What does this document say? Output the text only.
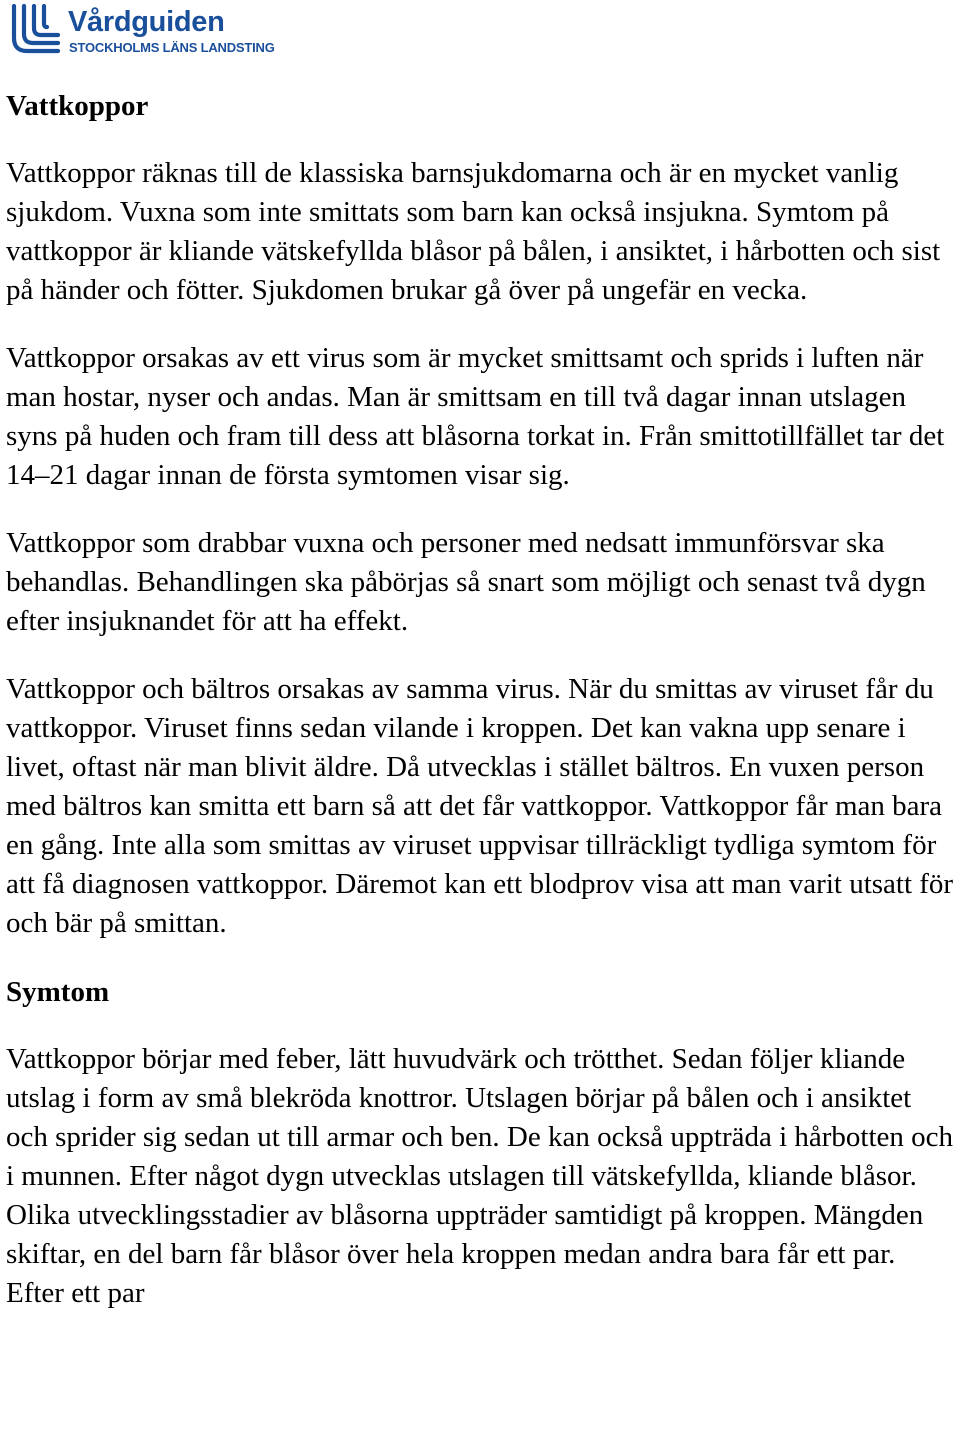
Vårdguiden
STOCKHOLMS LÄNS LANDSTING
Vattkoppor

Vattkoppor räknas till de klassiska barnsjukdomarna och är en mycket vanlig sjukdom. Vuxna som inte smittats som barn kan också insjukna. Symtom på vattkoppor är kliande vätskefyllda blåsor på bålen, i ansiktet, i hårbotten och sist på händer och fötter. Sjukdomen brukar gå över på ungefär en vecka.

Vattkoppor orsakas av ett virus som är mycket smittsamt och sprids i luften när man hostar, nyser och andas. Man är smittsam en till två dagar innan utslagen syns på huden och fram till dess att blåsorna torkat in. Från smittotillfället tar det 14–21 dagar innan de första symtomen visar sig.

Vattkoppor som drabbar vuxna och personer med nedsatt immunförsvar ska behandlas. Behandlingen ska påbörjas så snart som möjligt och senast två dygn efter insjuknandet för att ha effekt.

Vattkoppor och bältros orsakas av samma virus. När du smittas av viruset får du vattkoppor. Viruset finns sedan vilande i kroppen. Det kan vakna upp senare i livet, oftast när man blivit äldre. Då utvecklas i stället bältros. En vuxen person med bältros kan smitta ett barn så att det får vattkoppor. Vattkoppor får man bara en gång. Inte alla som smittas av viruset uppvisar tillräckligt tydliga symtom för att få diagnosen vattkoppor. Däremot kan ett blodprov visa att man varit utsatt för och bär på smittan.

Symtom

Vattkoppor börjar med feber, lätt huvudvärk och trötthet. Sedan följer kliande utslag i form av små blekröda knottror. Utslagen börjar på bålen och i ansiktet och sprider sig sedan ut till armar och ben. De kan också uppträda i hårbotten och i munnen. Efter något dygn utvecklas utslagen till vätskefyllda, kliande blåsor. Olika utvecklingsstadier av blåsorna uppträder samtidigt på kroppen. Mängden skiftar, en del barn får blåsor över hela kroppen medan andra bara får ett par. Efter ett par
